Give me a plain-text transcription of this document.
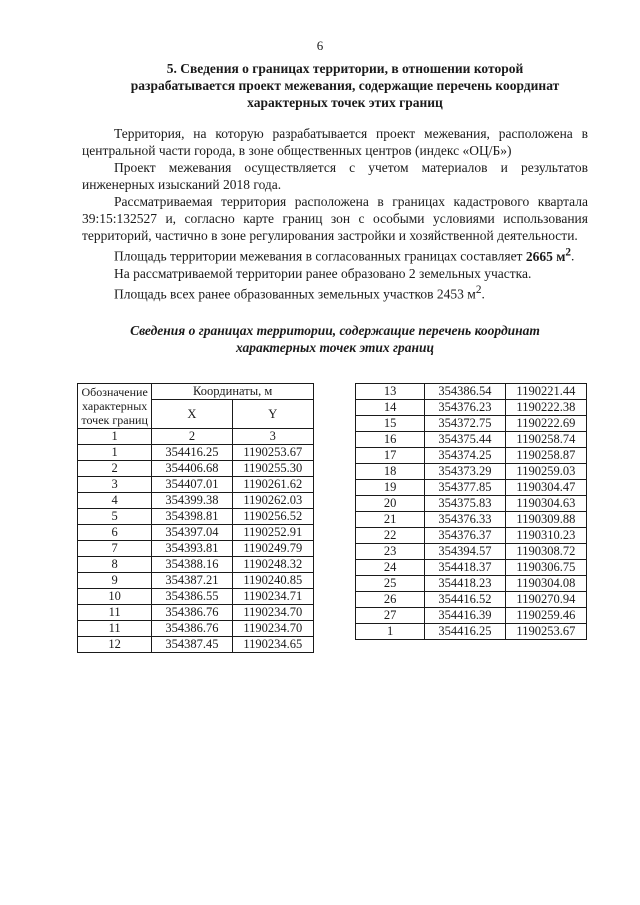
6
5. Сведения о границах территории, в отношении которой
разрабатывается проект межевания, содержащие перечень координат
характерных точек этих границ

Территория, на которую разрабатывается проект межевания, расположена в центральной части города, в зоне общественных центров (индекс «ОЦ/Б»)

Проект межевания осуществляется с учетом материалов и результатов инженерных изысканий 2018 года.

Рассматриваемая территория расположена в границах кадастрового квартала 39:15:132527 и, согласно карте границ зон с особыми условиями использования территорий, частично в зоне регулирования застройки и хозяйственной деятельности.

Площадь территории межевания в согласованных границах составляет 2665 $м^2$.

На рассматриваемой территории ранее образовано 2 земельных участка.

Площадь всех ранее образованных земельных участков 2453 $м^2$.

Сведения о границах территории, содержащие перечень координат
характерных точек этих границ
Обозначение характерных точек границ	Координаты, м	
	X	Y
1	2	3
1	354416.25	1190253.67
2	354406.68	1190255.30
3	354407.01	1190261.62
4	354399.38	1190262.03
5	354398.81	1190256.52
6	354397.04	1190252.91
7	354393.81	1190249.79
8	354388.16	1190248.32
9	354387.21	1190240.85
10	354386.55	1190234.71
11	354386.76	1190234.70
11	354386.76	1190234.70
12	354387.45	1190234.65
13	354386.54	1190221.44
14	354376.23	1190222.38
15	354372.75	1190222.69
16	354375.44	1190258.74
17	354374.25	1190258.87
18	354373.29	1190259.03
19	354377.85	1190304.47
20	354375.83	1190304.63
21	354376.33	1190309.88
22	354376.37	1190310.23
23	354394.57	1190308.72
24	354418.37	1190306.75
25	354418.23	1190304.08
26	354416.52	1190270.94
27	354416.39	1190259.46
1	354416.25	1190253.67
